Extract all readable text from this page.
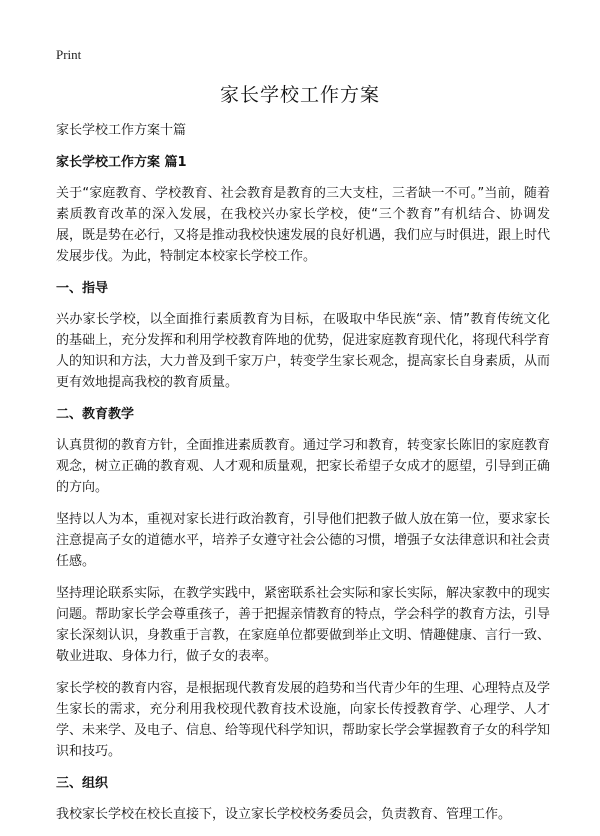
Print
家长学校工作方案

家长学校工作方案十篇

家长学校工作方案 篇1

关于“家庭教育、学校教育、社会教育是教育的三大支柱，三者缺一不可。”当前，随着素质教育改革的深入发展，在我校兴办家长学校，使“三个教育”有机结合、协调发展，既是势在必行，又将是推动我校快速发展的良好机遇，我们应与时俱进，跟上时代发展步伐。为此，特制定本校家长学校工作。

一、指导

兴办家长学校，以全面推行素质教育为目标，在吸取中华民族“亲、情”教育传统文化的基础上，充分发挥和利用学校教育阵地的优势，促进家庭教育现代化，将现代科学育人的知识和方法，大力普及到千家万户，转变学生家长观念，提高家长自身素质，从而更有效地提高我校的教育质量。

二、教育教学

认真贯彻的教育方针，全面推进素质教育。通过学习和教育，转变家长陈旧的家庭教育观念，树立正确的教育观、人才观和质量观，把家长希望子女成才的愿望，引导到正确的方向。

坚持以人为本，重视对家长进行政治教育，引导他们把教子做人放在第一位，要求家长注意提高子女的道德水平，培养子女遵守社会公德的习惯，增强子女法律意识和社会责任感。

坚持理论联系实际，在教学实践中，紧密联系社会实际和家长实际，解决家教中的现实问题。帮助家长学会尊重孩子，善于把握亲情教育的特点，学会科学的教育方法，引导家长深刻认识，身教重于言教，在家庭单位都要做到举止文明、情趣健康、言行一致、敬业进取、身体力行，做子女的表率。

家长学校的教育内容，是根据现代教育发展的趋势和当代青少年的生理、心理特点及学生家长的需求，充分利用我校现代教育技术设施，向家长传授教育学、心理学、人才学、未来学、及电子、信息、给等现代科学知识，帮助家长学会掌握教育子女的科学知识和技巧。

三、组织

我校家长学校在校长直接下，设立家长学校校务委员会，负责教育、管理工作。
